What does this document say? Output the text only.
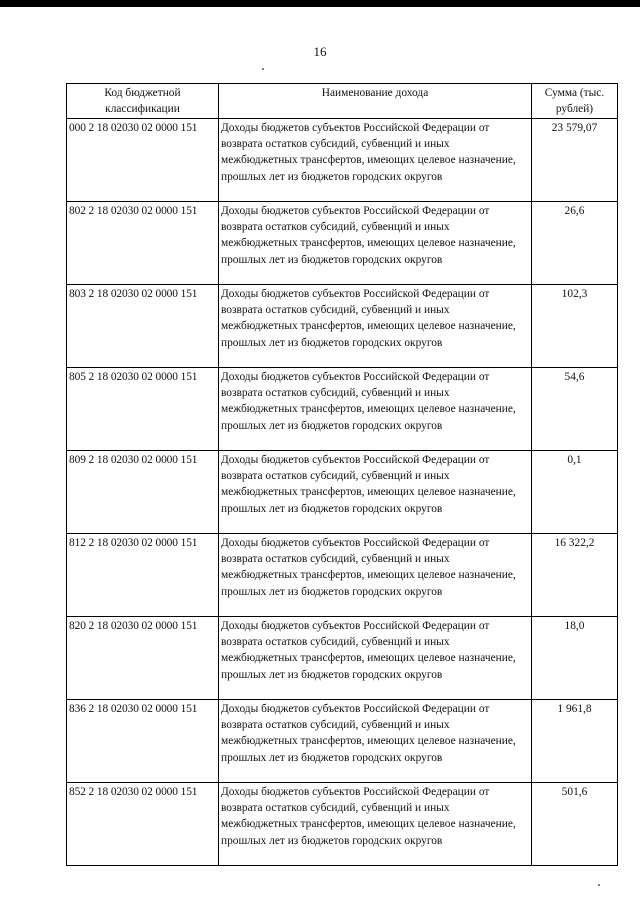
16
Код бюджетной классификации	Наименование дохода	Сумма (тыс. рублей)
000 2 18 02030 02 0000 151	Доходы бюджетов субъектов Российской Федерации от возврата остатков субсидий, субвенций и иных межбюджетных трансфертов, имеющих целевое назначение, прошлых лет из бюджетов городских округов	23 579,07
802 2 18 02030 02 0000 151	Доходы бюджетов субъектов Российской Федерации от возврата остатков субсидий, субвенций и иных межбюджетных трансфертов, имеющих целевое назначение, прошлых лет из бюджетов городских округов	26,6
803 2 18 02030 02 0000 151	Доходы бюджетов субъектов Российской Федерации от возврата остатков субсидий, субвенций и иных межбюджетных трансфертов, имеющих целевое назначение, прошлых лет из бюджетов городских округов	102,3
805 2 18 02030 02 0000 151	Доходы бюджетов субъектов Российской Федерации от возврата остатков субсидий, субвенций и иных межбюджетных трансфертов, имеющих целевое назначение, прошлых лет из бюджетов городских округов	54,6
809 2 18 02030 02 0000 151	Доходы бюджетов субъектов Российской Федерации от возврата остатков субсидий, субвенций и иных межбюджетных трансфертов, имеющих целевое назначение, прошлых лет из бюджетов городских округов	0,1
812 2 18 02030 02 0000 151	Доходы бюджетов субъектов Российской Федерации от возврата остатков субсидий, субвенций и иных межбюджетных трансфертов, имеющих целевое назначение, прошлых лет из бюджетов городских округов	16 322,2
820 2 18 02030 02 0000 151	Доходы бюджетов субъектов Российской Федерации от возврата остатков субсидий, субвенций и иных межбюджетных трансфертов, имеющих целевое назначение, прошлых лет из бюджетов городских округов	18,0
836 2 18 02030 02 0000 151	Доходы бюджетов субъектов Российской Федерации от возврата остатков субсидий, субвенций и иных межбюджетных трансфертов, имеющих целевое назначение, прошлых лет из бюджетов городских округов	1 961,8
852 2 18 02030 02 0000 151	Доходы бюджетов субъектов Российской Федерации от возврата остатков субсидий, субвенций и иных межбюджетных трансфертов, имеющих целевое назначение, прошлых лет из бюджетов городских округов	501,6
